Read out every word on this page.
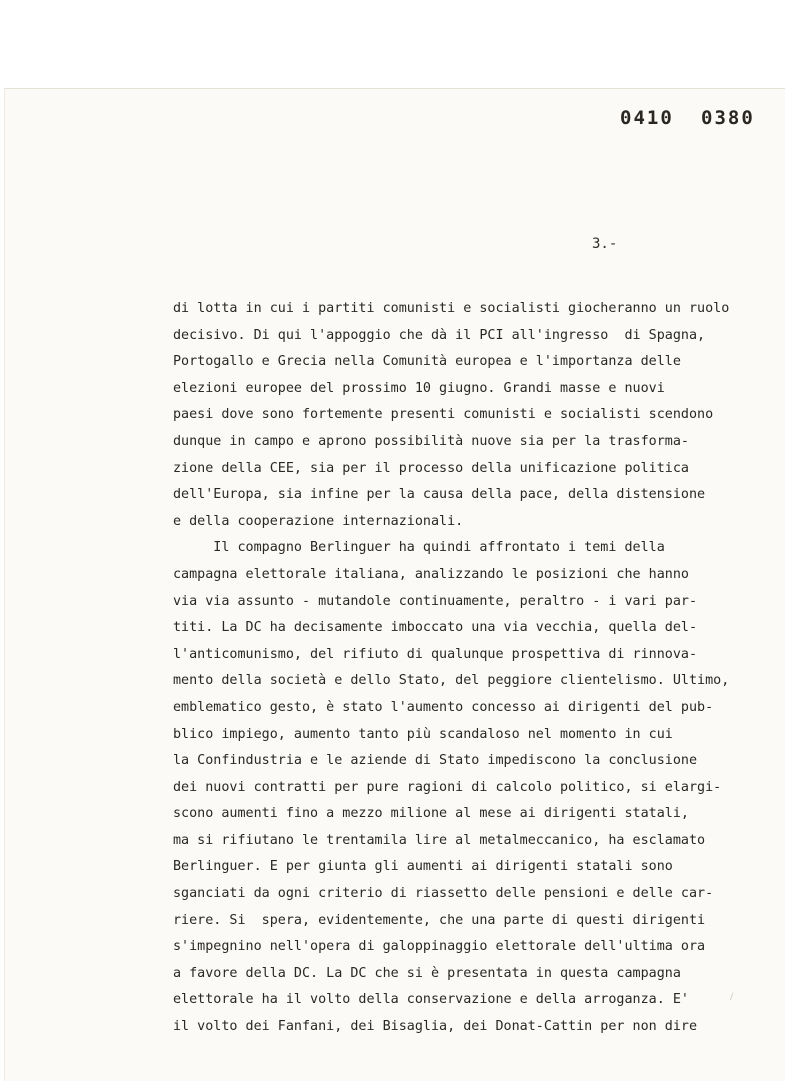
0410 0380
3.-
di lotta in cui i partiti comunisti e socialisti giocheranno un ruolo
decisivo. Di qui l'appoggio che dà il PCI all'ingresso  di Spagna,
Portogallo e Grecia nella Comunità europea e l'importanza delle
elezioni europee del prossimo 10 giugno. Grandi masse e nuovi
paesi dove sono fortemente presenti comunisti e socialisti scendono
dunque in campo e aprono possibilità nuove sia per la trasforma-
zione della CEE, sia per il processo della unificazione politica
dell'Europa, sia infine per la causa della pace, della distensione
e della cooperazione internazionali.
Il compagno Berlinguer ha quindi affrontato i temi della
campagna elettorale italiana, analizzando le posizioni che hanno
via via assunto - mutandole continuamente, peraltro - i vari par-
titi. La DC ha decisamente imboccato una via vecchia, quella del-
l'anticomunismo, del rifiuto di qualunque prospettiva di rinnova-
mento della società e dello Stato, del peggiore clientelismo. Ultimo,
emblematico gesto, è stato l'aumento concesso ai dirigenti del pub-
blico impiego, aumento tanto più scandaloso nel momento in cui
la Confindustria e le aziende di Stato impediscono la conclusione
dei nuovi contratti per pure ragioni di calcolo politico, si elargi-
scono aumenti fino a mezzo milione al mese ai dirigenti statali,
ma si rifiutano le trentamila lire al metalmeccanico, ha esclamato
Berlinguer. E per giunta gli aumenti ai dirigenti statali sono
sganciati da ogni criterio di riassetto delle pensioni e delle car-
riere. Si  spera, evidentemente, che una parte di questi dirigenti
s'impegnino nell'opera di galoppinaggio elettorale dell'ultima ora
a favore della DC. La DC che si è presentata in questa campagna
elettorale ha il volto della conservazione e della arroganza. E'
il volto dei Fanfani, dei Bisaglia, dei Donat-Cattin per non dire
